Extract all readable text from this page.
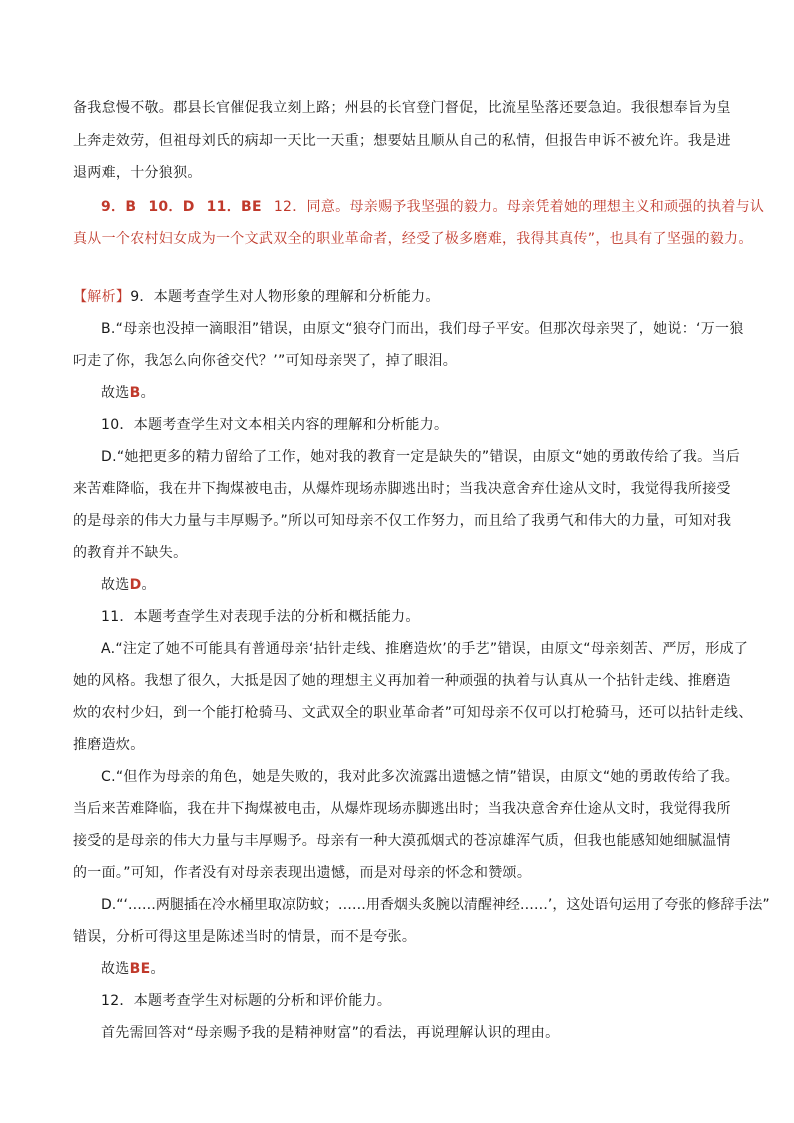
备我怠慢不敬。郡县长官催促我立刻上路；州县的长官登门督促，比流星坠落还要急迫。我很想奉旨为皇
上奔走效劳，但祖母刘氏的病却一天比一天重；想要姑且顺从自己的私情，但报告申诉不被允许。我是进
退两难，十分狼狈。
9．B 10．D 11．BE 12．同意。母亲赐予我坚强的毅力。母亲凭着她的理想主义和顽强的执着与认
真从一个农村妇女成为一个文武双全的职业革命者，经受了极多磨难，我得其真传”，也具有了坚强的毅力。
【解析】9．本题考查学生对人物形象的理解和分析能力。
B.“母亲也没掉一滴眼泪”错误，由原文“狼夺门而出，我们母子平安。但那次母亲哭了，她说：‘万一狼
叼走了你，我怎么向你爸交代？’”可知母亲哭了，掉了眼泪。
故选B。
10．本题考查学生对文本相关内容的理解和分析能力。
D.“她把更多的精力留给了工作，她对我的教育一定是缺失的”错误，由原文“她的勇敢传给了我。当后
来苦难降临，我在井下掏煤被电击，从爆炸现场赤脚逃出时；当我决意舍弃仕途从文时，我觉得我所接受
的是母亲的伟大力量与丰厚赐予。”所以可知母亲不仅工作努力，而且给了我勇气和伟大的力量，可知对我
的教育并不缺失。
故选D。
11．本题考查学生对表现手法的分析和概括能力。
A.“注定了她不可能具有普通母亲‘拈针走线、推磨造炊’的手艺”错误，由原文“母亲刻苦、严厉，形成了
她的风格。我想了很久，大抵是因了她的理想主义再加着一种顽强的执着与认真从一个拈针走线、推磨造
炊的农村少妇，到一个能打枪骑马、文武双全的职业革命者”可知母亲不仅可以打枪骑马，还可以拈针走线、
推磨造炊。
C.“但作为母亲的角色，她是失败的，我对此多次流露出遗憾之情”错误，由原文“她的勇敢传给了我。
当后来苦难降临，我在井下掏煤被电击，从爆炸现场赤脚逃出时；当我决意舍弃仕途从文时，我觉得我所
接受的是母亲的伟大力量与丰厚赐予。母亲有一种大漠孤烟式的苍凉雄浑气质，但我也能感知她细腻温情
的一面。”可知，作者没有对母亲表现出遗憾，而是对母亲的怀念和赞颂。
D.“‘……两腿插在冷水桶里取凉防蚊；……用香烟头炙腕以清醒神经……’，这处语句运用了夸张的修辞手法”
错误，分析可得这里是陈述当时的情景，而不是夸张。
故选BE。
12．本题考查学生对标题的分析和评价能力。
首先需回答对“母亲赐予我的是精神财富”的看法，再说理解认识的理由。
